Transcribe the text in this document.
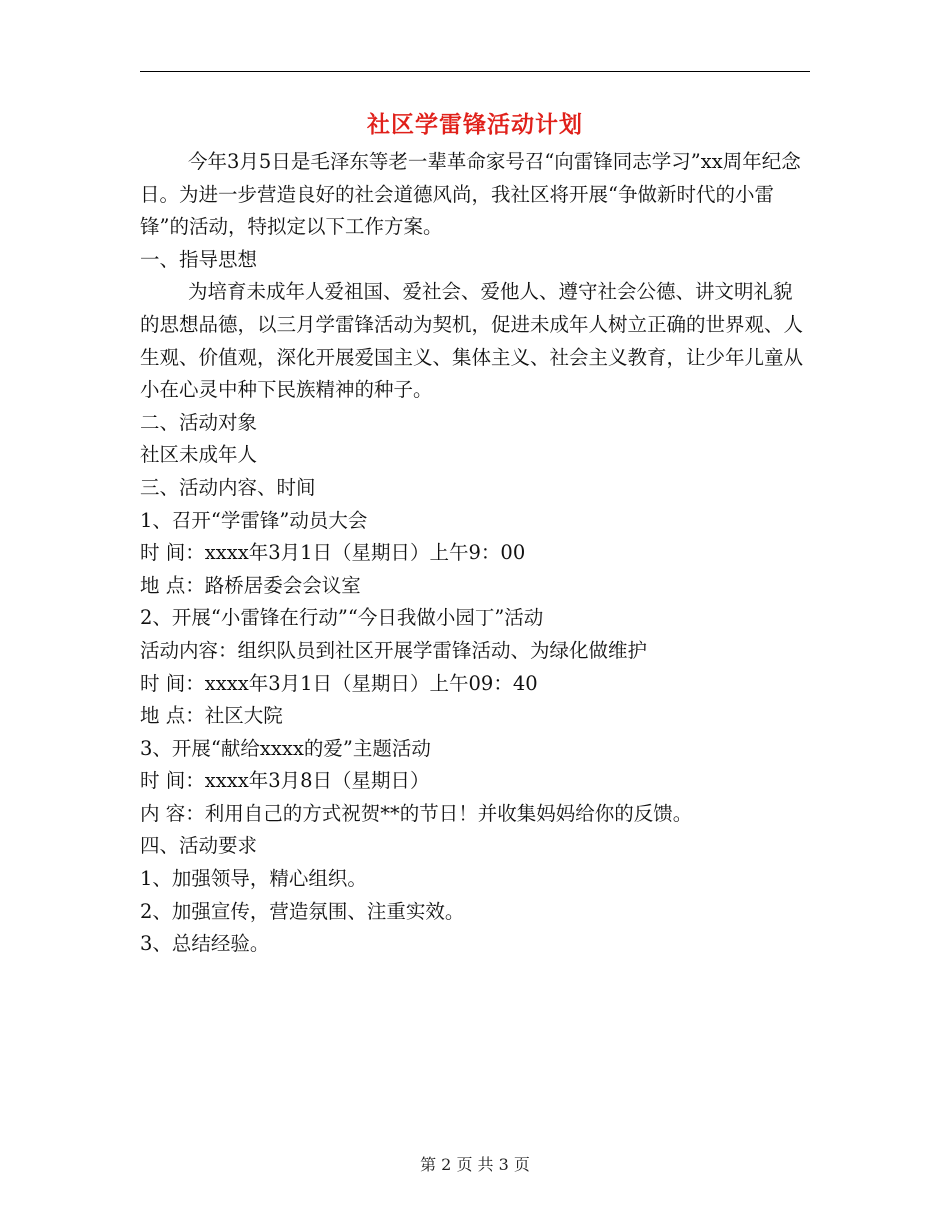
社区学雷锋活动计划

今年3月5日是毛泽东等老一辈革命家号召“向雷锋同志学习”xx周年纪念日。为进一步营造良好的社会道德风尚，我社区将开展“争做新时代的小雷锋”的活动，特拟定以下工作方案。

一、指导思想

为培育未成年人爱祖国、爱社会、爱他人、遵守社会公德、讲文明礼貌的思想品德，以三月学雷锋活动为契机，促进未成年人树立正确的世界观、人生观、价值观，深化开展爱国主义、集体主义、社会主义教育，让少年儿童从小在心灵中种下民族精神的种子。

二、活动对象

社区未成年人

三、活动内容、时间

1、召开“学雷锋”动员大会

时 间：xxxx年3月1日（星期日）上午9：00

地 点：路桥居委会会议室

2、开展“小雷锋在行动”“今日我做小园丁”活动

活动内容：组织队员到社区开展学雷锋活动、为绿化做维护

时 间：xxxx年3月1日（星期日）上午09：40

地 点：社区大院

3、开展“献给xxxx的爱”主题活动

时 间：xxxx年3月8日（星期日）

内 容：利用自己的方式祝贺**的节日！并收集妈妈给你的反馈。

四、活动要求

1、加强领导，精心组织。

2、加强宣传，营造氛围、注重实效。

3、总结经验。

第 2 页 共 3 页
